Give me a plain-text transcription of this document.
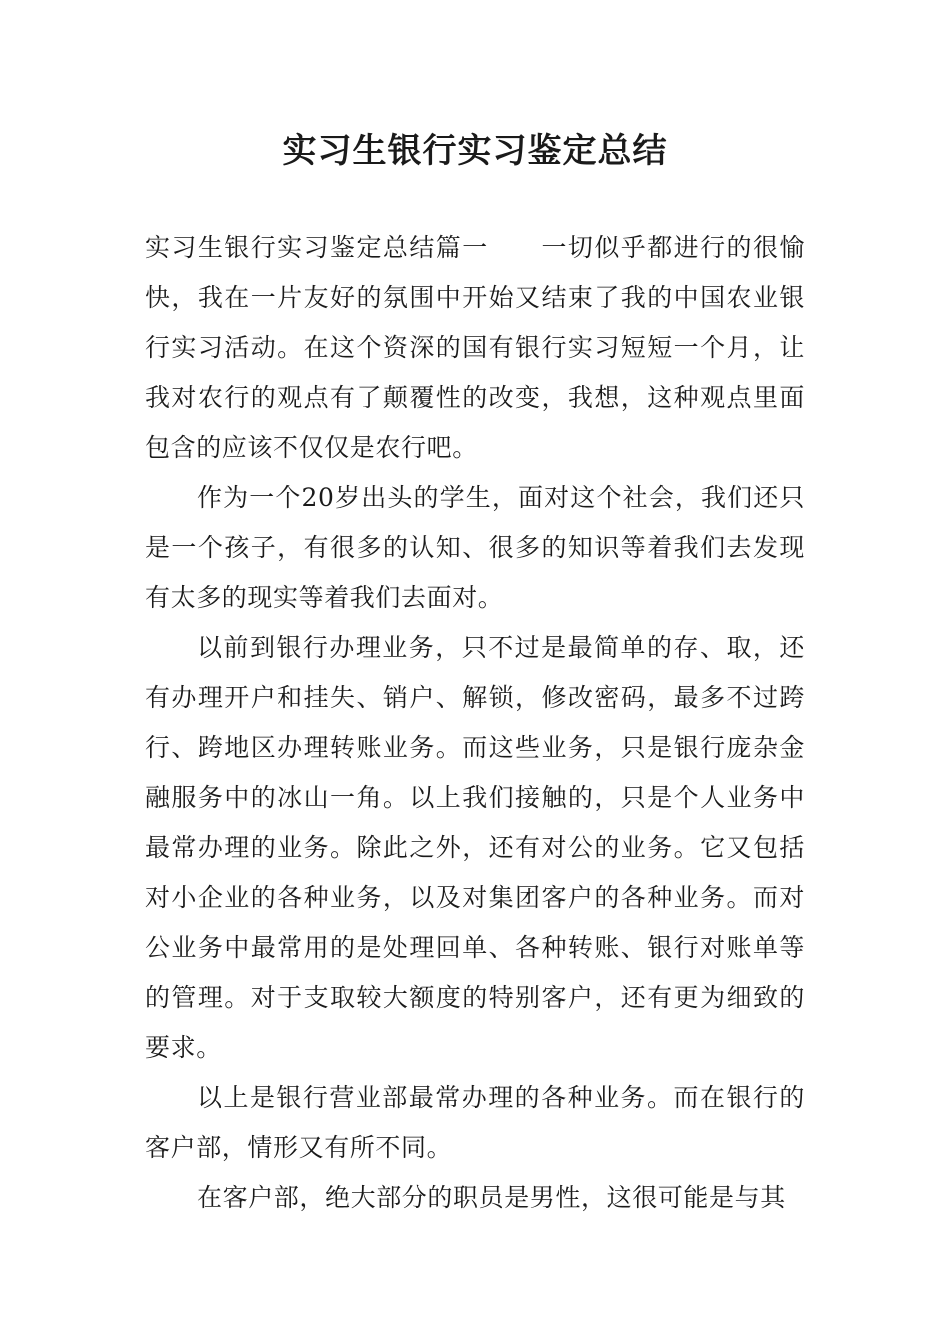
实习生银行实习鉴定总结

实习生银行实习鉴定总结篇一 一切似乎都进行的很愉快，我在一片友好的氛围中开始又结束了我的中国农业银行实习活动。在这个资深的国有银行实习短短一个月，让我对农行的观点有了颠覆性的改变，我想，这种观点里面包含的应该不仅仅是农行吧。

作为一个20岁出头的学生，面对这个社会，我们还只是一个孩子，有很多的认知、很多的知识等着我们去发现有太多的现实等着我们去面对。

以前到银行办理业务，只不过是最简单的存、取，还有办理开户和挂失、销户、解锁，修改密码，最多不过跨行、跨地区办理转账业务。而这些业务，只是银行庞杂金融服务中的冰山一角。以上我们接触的，只是个人业务中最常办理的业务。除此之外，还有对公的业务。它又包括对小企业的各种业务，以及对集团客户的各种业务。而对公业务中最常用的是处理回单、各种转账、银行对账单等的管理。对于支取较大额度的特别客户，还有更为细致的要求。

以上是银行营业部最常办理的各种业务。而在银行的客户部，情形又有所不同。

在客户部，绝大部分的职员是男性，这很可能是与其
